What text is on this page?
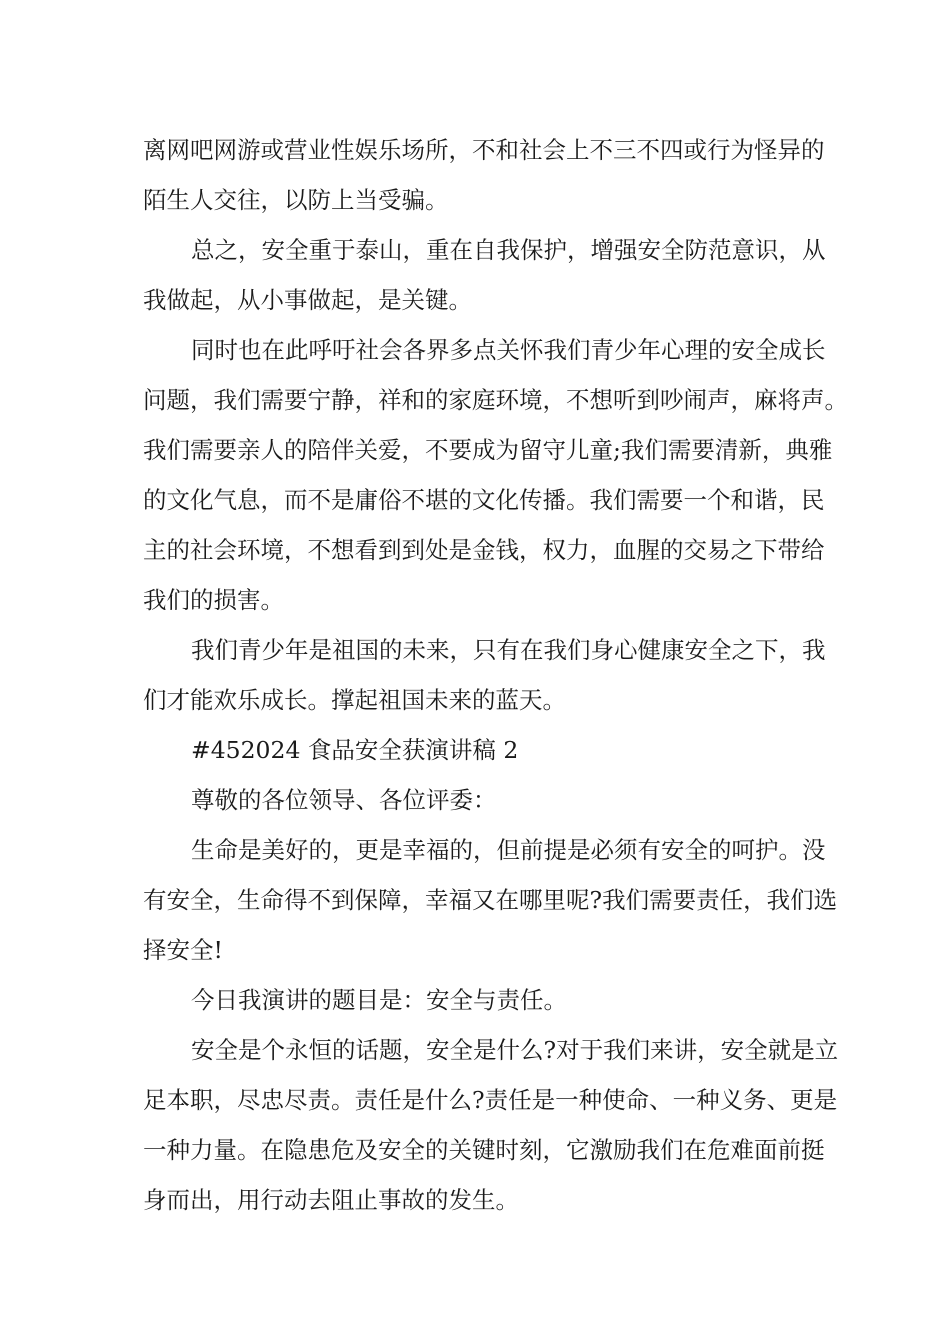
离网吧网游或营业性娱乐场所，不和社会上不三不四或行为怪异的
陌生人交往，以防上当受骗。
总之，安全重于泰山，重在自我保护，增强安全防范意识，从
我做起，从小事做起，是关键。
同时也在此呼吁社会各界多点关怀我们青少年心理的安全成长
问题，我们需要宁静，祥和的家庭环境，不想听到吵闹声，麻将声。
我们需要亲人的陪伴关爱，不要成为留守儿童;我们需要清新，典雅
的文化气息，而不是庸俗不堪的文化传播。我们需要一个和谐，民
主的社会环境，不想看到到处是金钱，权力，血腥的交易之下带给
我们的损害。
我们青少年是祖国的未来，只有在我们身心健康安全之下，我
们才能欢乐成长。撑起祖国未来的蓝天。
#452024 食品安全获演讲稿 2
尊敬的各位领导、各位评委：
生命是美好的，更是幸福的，但前提是必须有安全的呵护。没
有安全，生命得不到保障，幸福又在哪里呢?我们需要责任，我们选
择安全!
今日我演讲的题目是：安全与责任。
安全是个永恒的话题，安全是什么?对于我们来讲，安全就是立
足本职，尽忠尽责。责任是什么?责任是一种使命、一种义务、更是
一种力量。在隐患危及安全的关键时刻，它激励我们在危难面前挺
身而出，用行动去阻止事故的发生。
